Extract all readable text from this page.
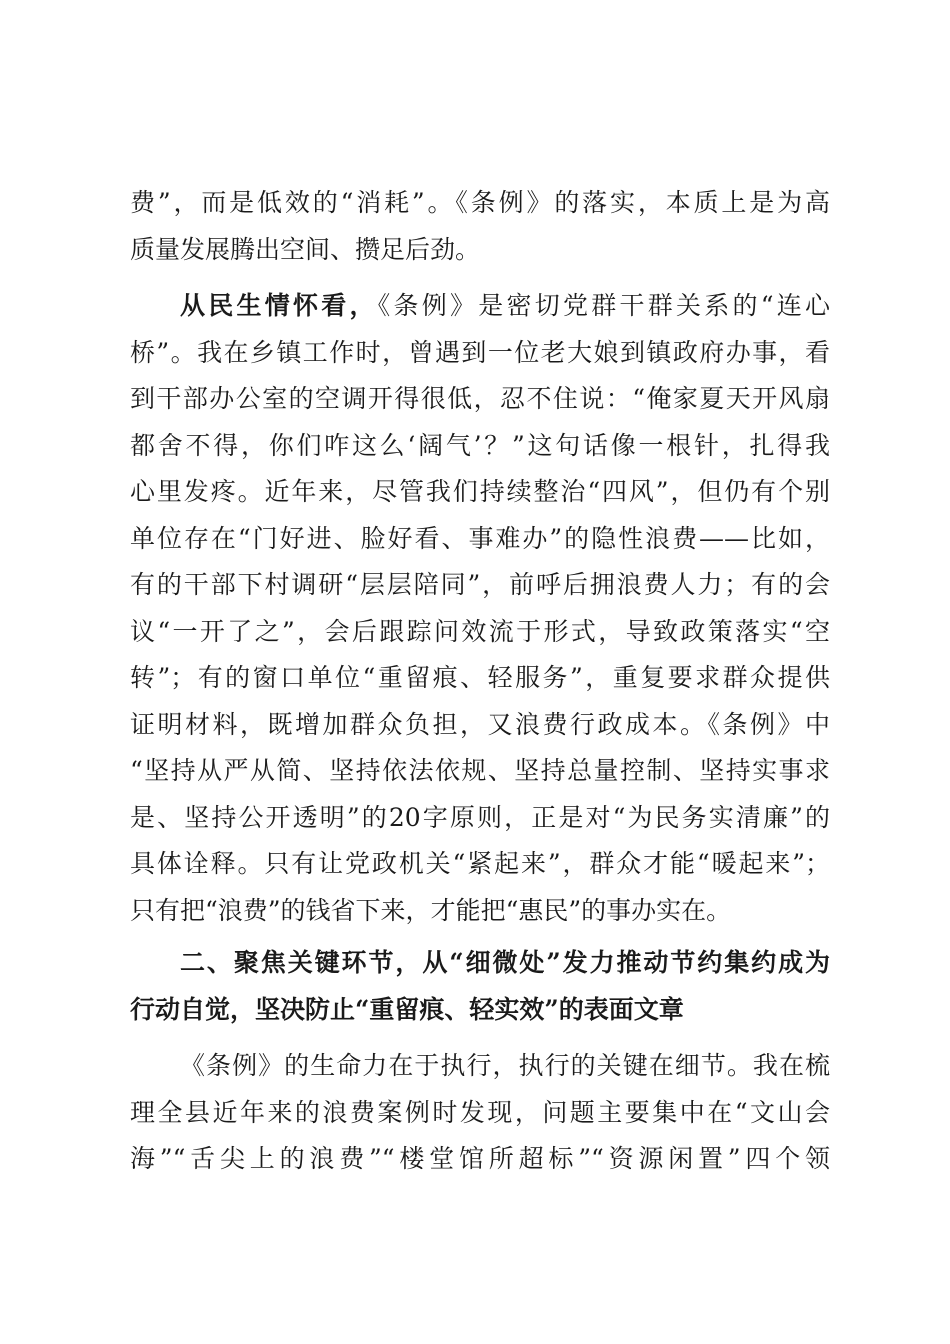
费”，而是低效的“消耗”。《条例》的落实，本质上是为高
质量发展腾出空间、攒足后劲。
从民生情怀看，《条例》是密切党群干群关系的“连心
桥”。我在乡镇工作时，曾遇到一位老大娘到镇政府办事，看
到干部办公室的空调开得很低，忍不住说：“俺家夏天开风扇
都舍不得，你们咋这么‘阔气’？”这句话像一根针，扎得我
心里发疼。近年来，尽管我们持续整治“四风”，但仍有个别
单位存在“门好进、脸好看、事难办”的隐性浪费——比如，
有的干部下村调研“层层陪同”，前呼后拥浪费人力；有的会
议“一开了之”，会后跟踪问效流于形式，导致政策落实“空
转”；有的窗口单位“重留痕、轻服务”，重复要求群众提供
证明材料，既增加群众负担，又浪费行政成本。《条例》中
“坚持从严从简、坚持依法依规、坚持总量控制、坚持实事求
是、坚持公开透明”的20字原则，正是对“为民务实清廉”的
具体诠释。只有让党政机关“紧起来”，群众才能“暖起来”；
只有把“浪费”的钱省下来，才能把“惠民”的事办实在。
二、聚焦关键环节，从“细微处”发力推动节约集约成为
行动自觉，坚决防止“重留痕、轻实效”的表面文章
《条例》的生命力在于执行，执行的关键在细节。我在梳
理全县近年来的浪费案例时发现，问题主要集中在“文山会
海”“舌尖上的浪费”“楼堂馆所超标”“资源闲置”四个领
